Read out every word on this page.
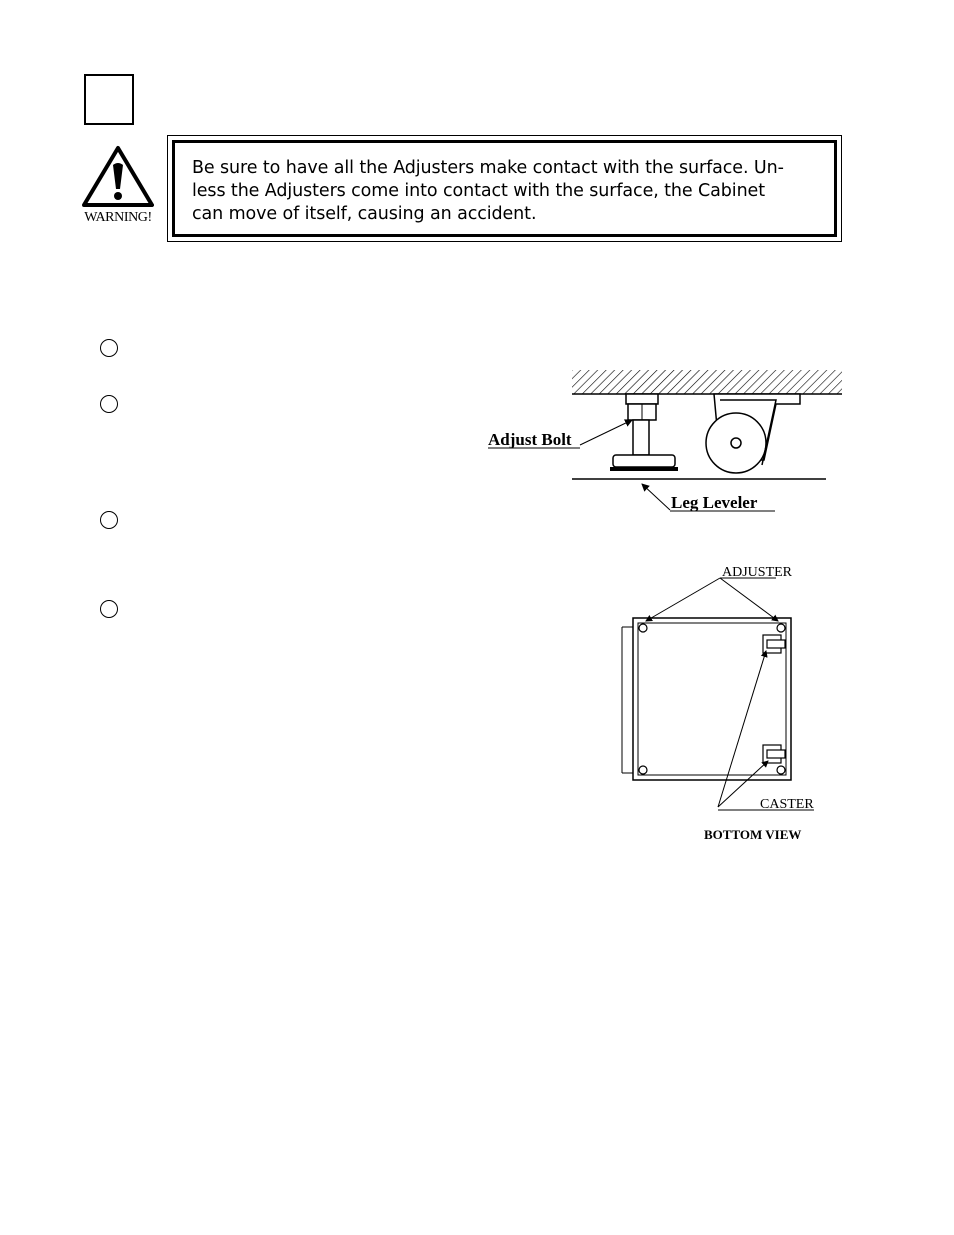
WARNING!
Be sure to have all the Adjusters make contact with the surface. Un-
less the Adjusters come into contact with the surface, the Cabinet
can move of itself, causing an accident.
Adjust Bolt
Leg Leveler
ADJUSTER
CASTER
BOTTOM VIEW
